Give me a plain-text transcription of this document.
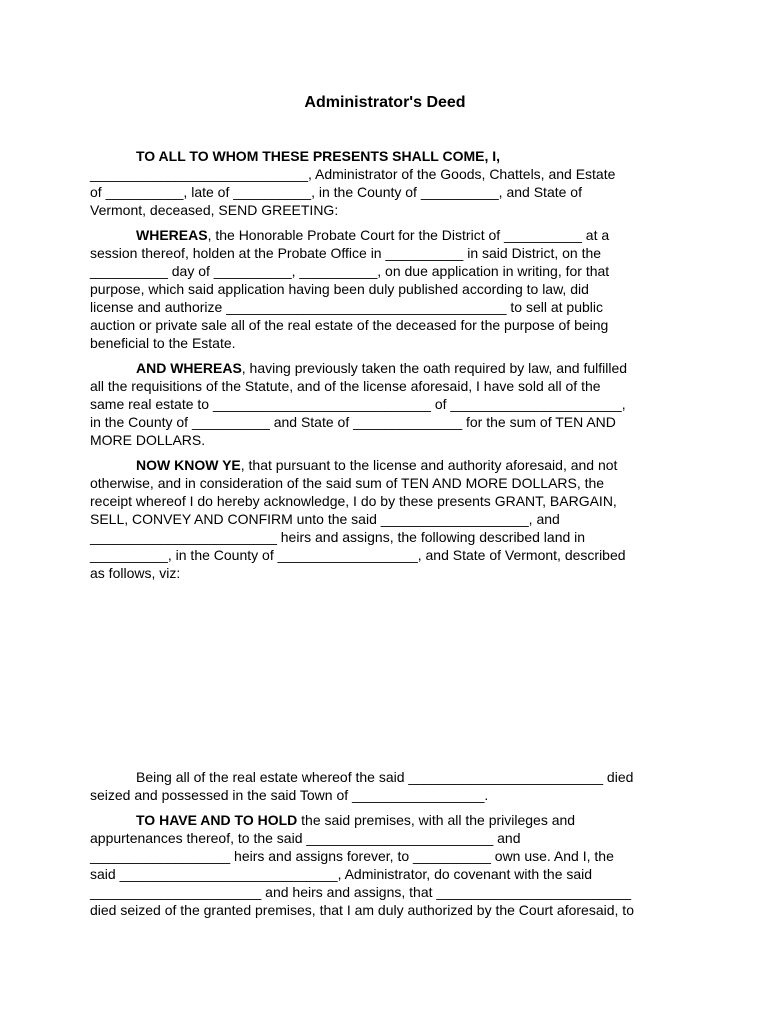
Administrator's Deed
TO ALL TO WHOM THESE PRESENTS SHALL COME, I,
____________________________, Administrator of the Goods, Chattels, and Estate
of __________, late of __________, in the County of __________, and State of
Vermont, deceased, SEND GREETING:
WHEREAS, the Honorable Probate Court for the District of __________ at a
session thereof, holden at the Probate Office in __________ in said District, on the
__________ day of __________, __________, on due application in writing, for that
purpose, which said application having been duly published according to law, did
license and authorize ____________________________________ to sell at public
auction or private sale all of the real estate of the deceased for the purpose of being
beneficial to the Estate.
AND WHEREAS, having previously taken the oath required by law, and fulfilled
all the requisitions of the Statute, and of the license aforesaid, I have sold all of the
same real estate to ____________________________ of ______________________,
in the County of __________ and State of ______________ for the sum of TEN AND
MORE DOLLARS.
NOW KNOW YE, that pursuant to the license and authority aforesaid, and not
otherwise, and in consideration of the said sum of TEN AND MORE DOLLARS, the
receipt whereof I do hereby acknowledge, I do by these presents GRANT, BARGAIN,
SELL, CONVEY AND CONFIRM unto the said ___________________, and
________________________ heirs and assigns, the following described land in
__________, in the County of __________________, and State of Vermont, described
as follows, viz:
Being all of the real estate whereof the said _________________________ died
seized and possessed in the said Town of _________________.
TO HAVE AND TO HOLD the said premises, with all the privileges and
appurtenances thereof, to the said ________________________ and
__________________ heirs and assigns forever, to __________ own use. And I, the
said ____________________________, Administrator, do covenant with the said
______________________ and heirs and assigns, that _________________________
died seized of the granted premises, that I am duly authorized by the Court aforesaid, to
